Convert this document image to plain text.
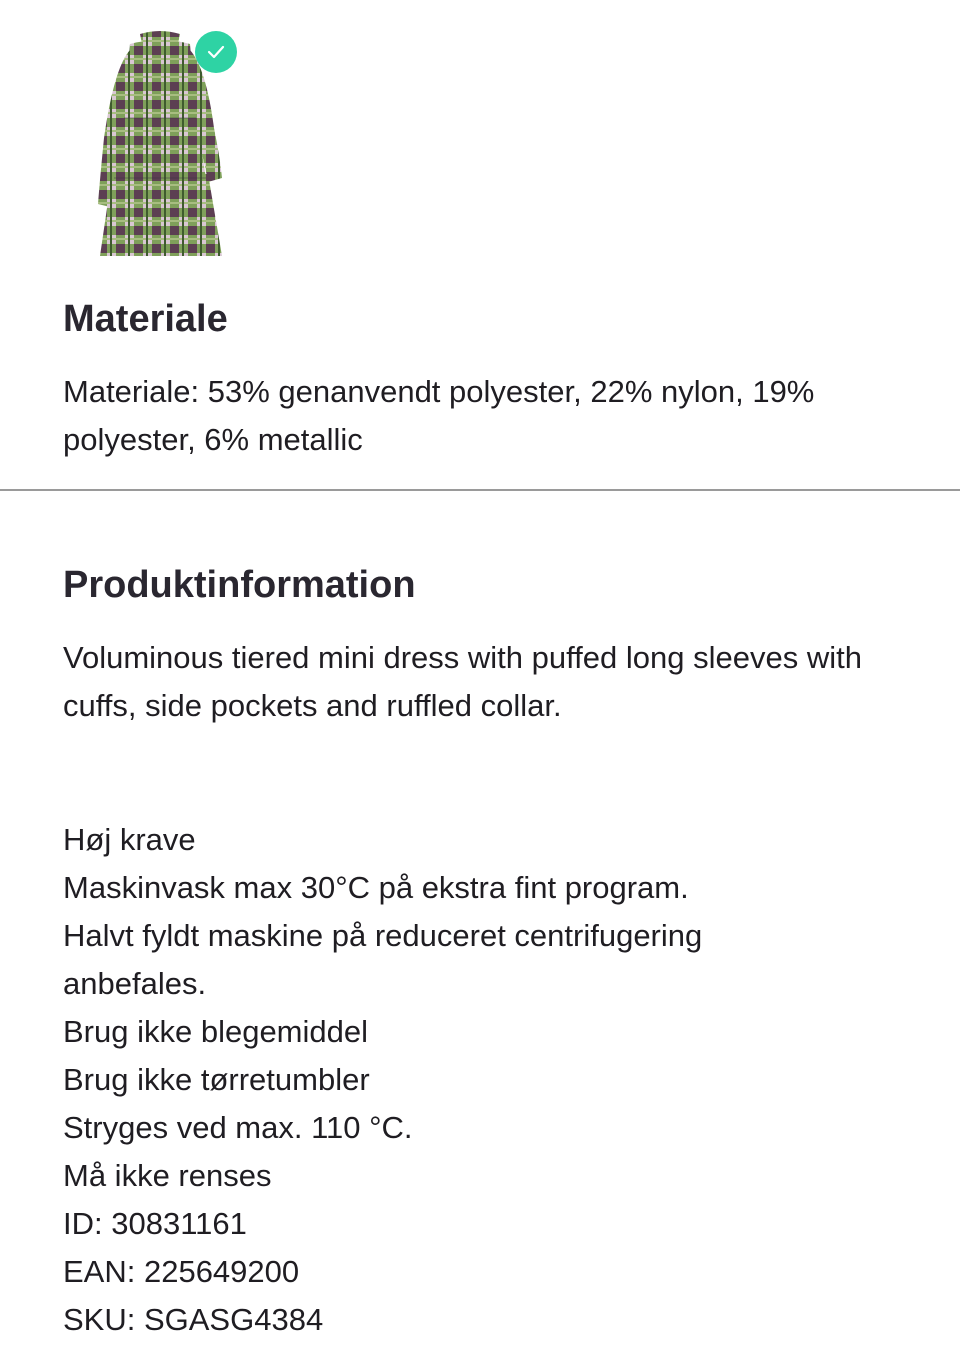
Materiale

Materiale: 53% genanvendt polyester, 22% nylon, 19% polyester, 6% metallic

Produktinformation

Voluminous tiered mini dress with puffed long sleeves with cuffs, side pockets and ruffled collar.

Høj krave
Maskinvask max 30°C på ekstra fint program.
Halvt fyldt maskine på reduceret centrifugering
anbefales.
Brug ikke blegemiddel
Brug ikke tørretumbler
Stryges ved max. 110 °C.
Må ikke renses
ID: 30831161
EAN: 225649200
SKU: SGASG4384
